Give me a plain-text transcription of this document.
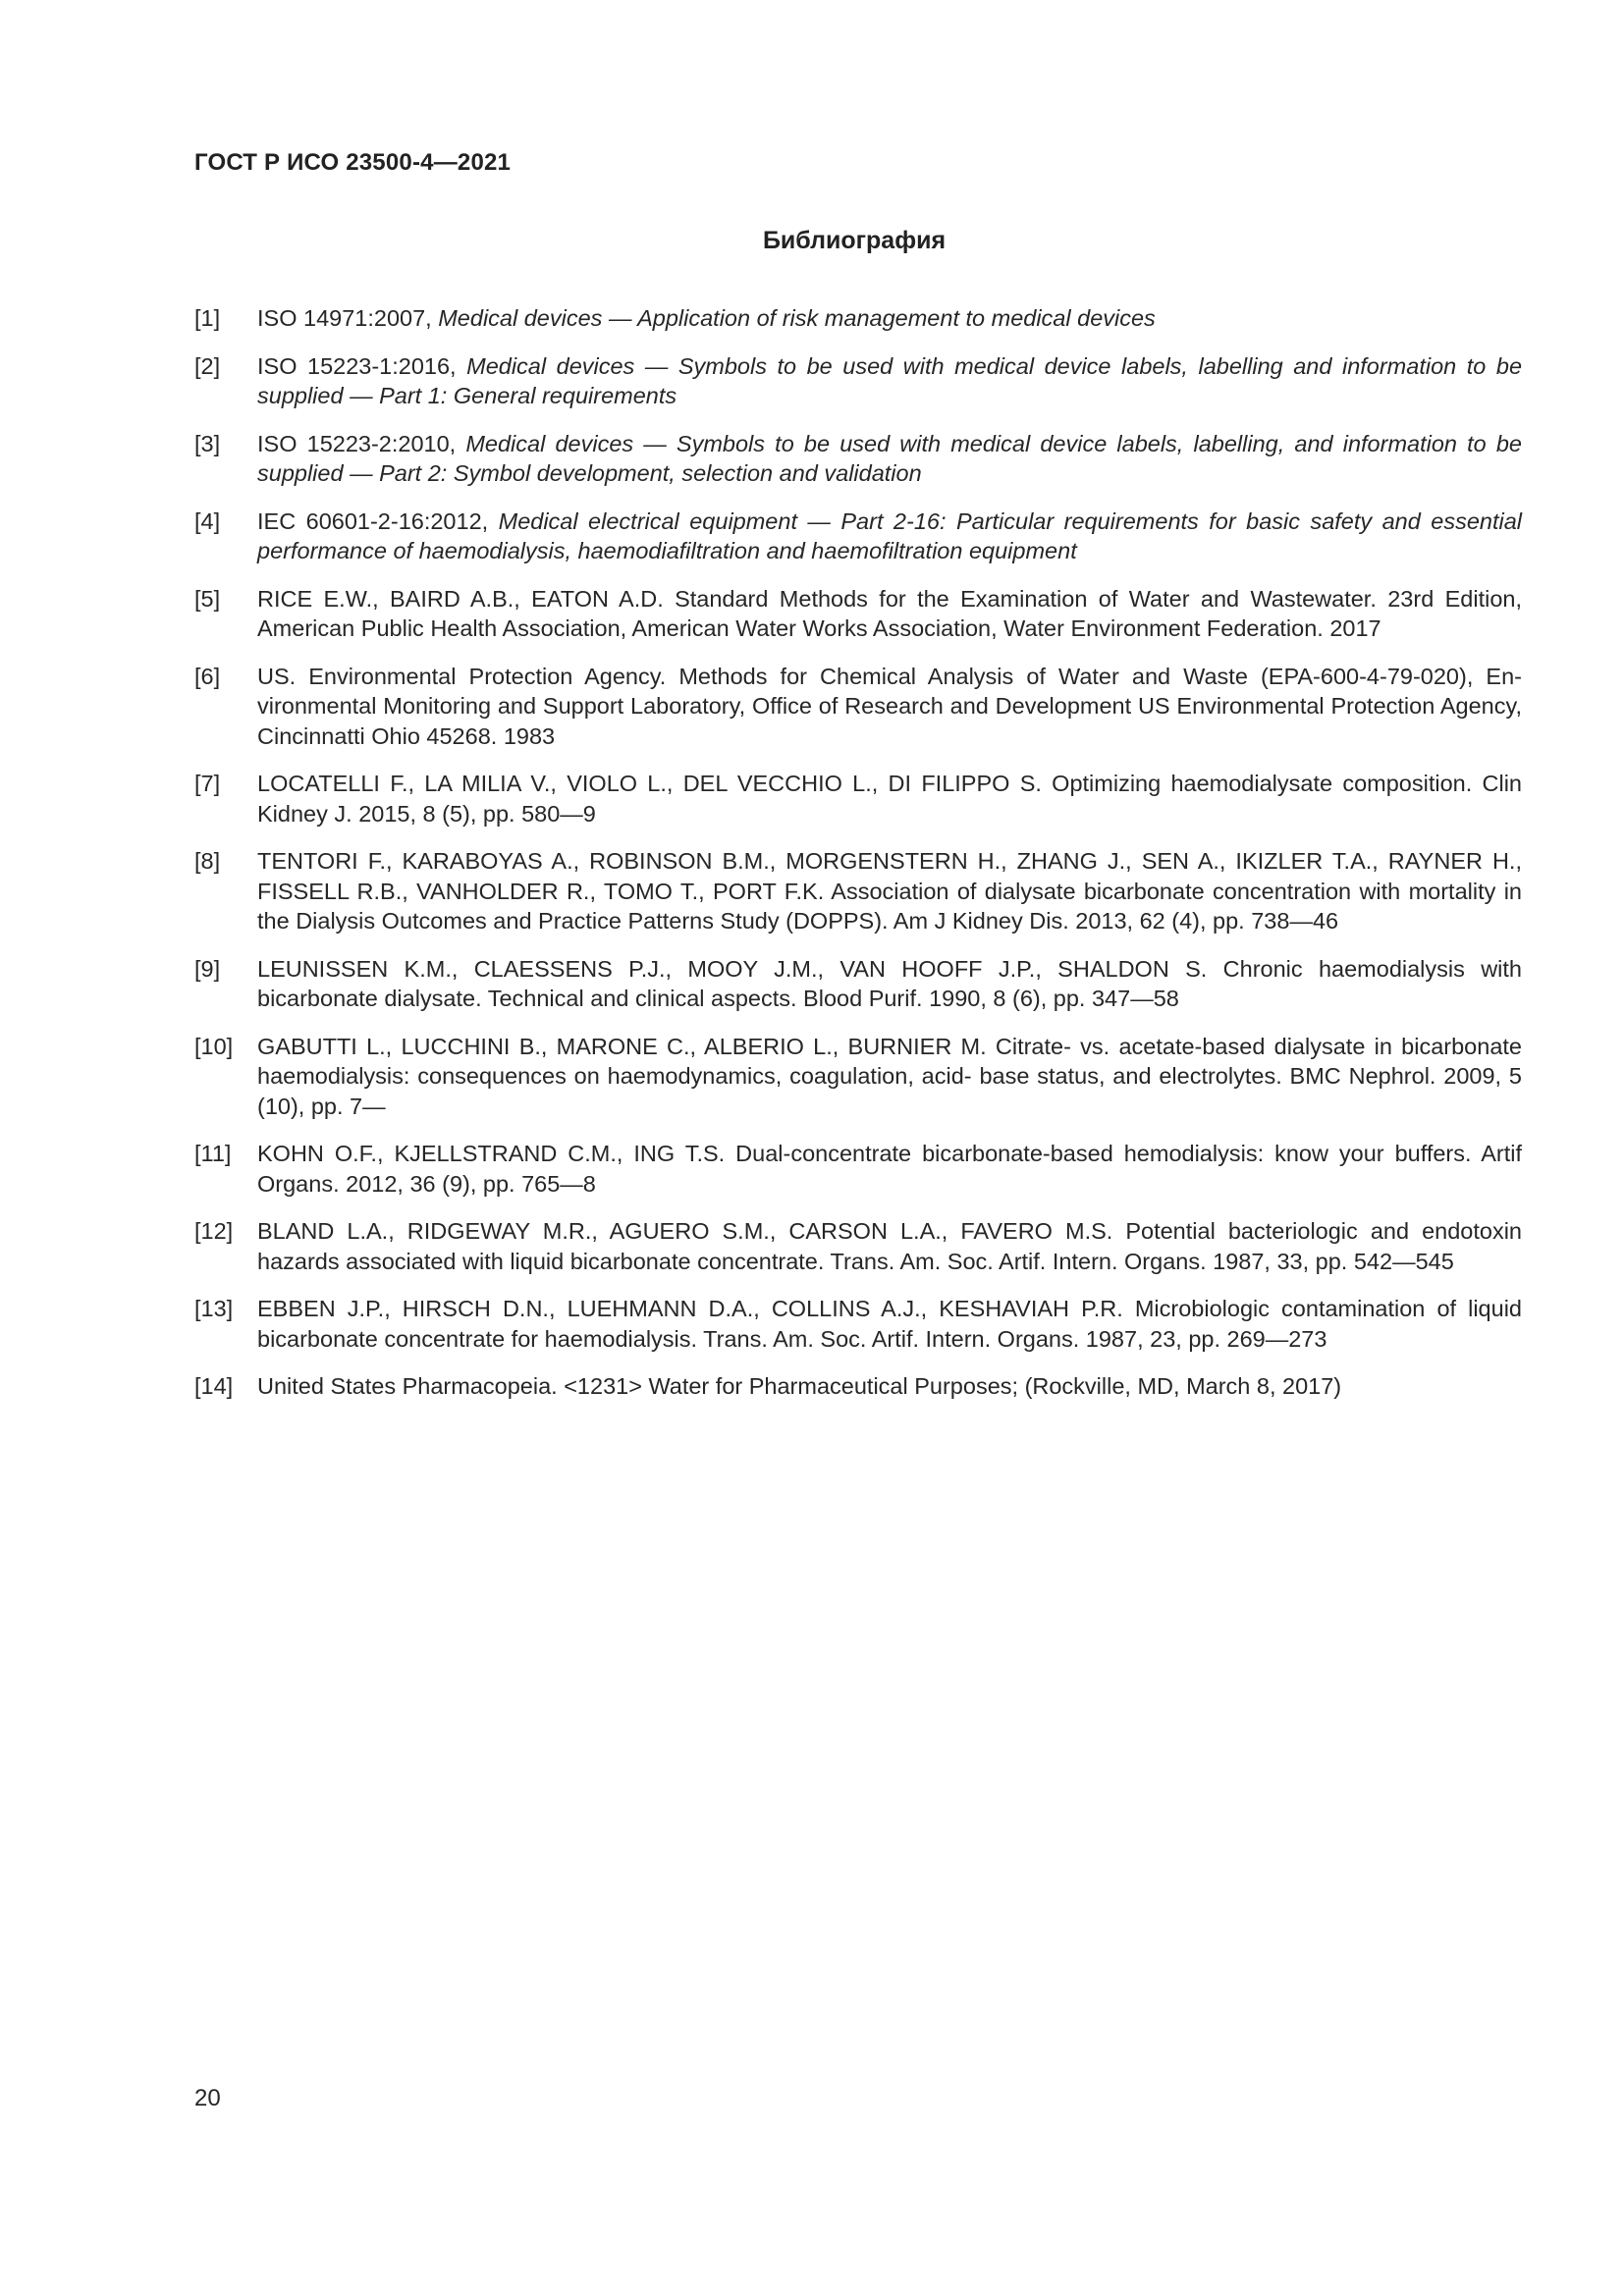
ГОСТ Р ИСО 23500-4—2021
Библиография
[1]	ISO 14971:2007, Medical devices — Application of risk management to medical devices
[2]	ISO 15223-1:2016, Medical devices — Symbols to be used with medical device labels, labelling and information to be supplied — Part 1: General requirements
[3]	ISO 15223-2:2010, Medical devices — Symbols to be used with medical device labels, labelling, and information to be supplied — Part 2: Symbol development, selection and validation
[4]	IEC 60601-2-16:2012, Medical electrical equipment — Part 2-16: Particular requirements for basic safety and essential performance of haemodialysis, haemodiafiltration and haemofiltration equipment
[5]	RICE E.W., BAIRD A.B., EATON A.D. Standard Methods for the Examination of Water and Wastewater. 23rd Edition, American Public Health Association, American Water Works Association, Water Environment Federation. 2017
[6]	US. Environmental Protection Agency. Methods for Chemical Analysis of Water and Waste (EPA-600-4-79-020), Environmental Monitoring and Support Laboratory, Office of Research and Development US Environmental Protection Agency, Cincinnatti Ohio 45268. 1983
[7]	LOCATELLI F., LA MILIA V., VIOLO L., DEL VECCHIO L., DI FILIPPO S. Optimizing haemodialysate composition. Clin Kidney J. 2015, 8 (5), pp. 580—9
[8]	TENTORI F., KARABOYAS A., ROBINSON B.M., MORGENSTERN H., ZHANG J., SEN A., IKIZLER T.A., RAYNER H., FISSELL R.B., VANHOLDER R., TOMO T., PORT F.K. Association of dialysate bicarbonate concentration with mortality in the Dialysis Outcomes and Practice Patterns Study (DOPPS). Am J Kidney Dis. 2013, 62 (4), pp. 738—46
[9]	LEUNISSEN K.M., CLAESSENS P.J., MOOY J.M., VAN HOOFF J.P., SHALDON S. Chronic haemodialysis with bicarbonate dialysate. Technical and clinical aspects. Blood Purif. 1990, 8 (6), pp. 347—58
[10]	GABUTTI L., LUCCHINI B., MARONE C., ALBERIO L., BURNIER M. Citrate- vs. acetate-based dialysate in bicarbonate haemodialysis: consequences on haemodynamics, coagulation, acid- base status, and electrolytes. BMC Nephrol. 2009, 5 (10), pp. 7—
[11]	KOHN O.F., KJELLSTRAND C.M., ING T.S. Dual-concentrate bicarbonate-based hemodialysis: know your buffers. Artif Organs. 2012, 36 (9), pp. 765—8
[12]	BLAND L.A., RIDGEWAY M.R., AGUERO S.M., CARSON L.A., FAVERO M.S. Potential bacteriologic and endotoxin hazards associated with liquid bicarbonate concentrate. Trans. Am. Soc. Artif. Intern. Organs. 1987, 33, pp. 542—545
[13]	EBBEN J.P., HIRSCH D.N., LUEHMANN D.A., COLLINS A.J., KESHAVIAH P.R. Microbiologic contamination of liquid bicarbonate concentrate for haemodialysis. Trans. Am. Soc. Artif. Intern. Organs. 1987, 23, pp. 269—273
[14]	United States Pharmacopeia. <1231> Water for Pharmaceutical Purposes; (Rockville, MD, March 8, 2017)
20
